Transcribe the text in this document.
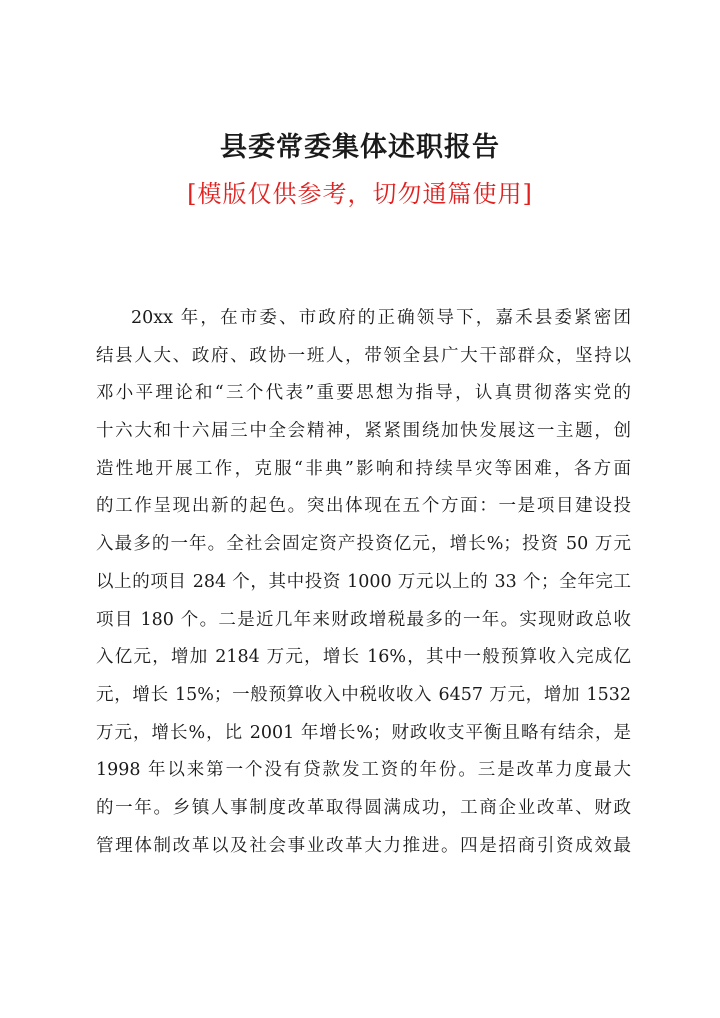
县委常委集体述职报告
[模版仅供参考，切勿通篇使用]
20xx 年，在市委、市政府的正确领导下，嘉禾县委紧密团
结县人大、政府、政协一班人，带领全县广大干部群众，坚持以
邓小平理论和“三个代表”重要思想为指导，认真贯彻落实党的
十六大和十六届三中全会精神，紧紧围绕加快发展这一主题，创
造性地开展工作，克服“非典”影响和持续旱灾等困难，各方面
的工作呈现出新的起色。突出体现在五个方面：一是项目建设投
入最多的一年。全社会固定资产投资亿元，增长%；投资 50 万元
以上的项目 284 个，其中投资 1000 万元以上的 33 个；全年完工
项目 180 个。二是近几年来财政增税最多的一年。实现财政总收
入亿元，增加 2184 万元，增长 16%，其中一般预算收入完成亿
元，增长 15%；一般预算收入中税收收入 6457 万元，增加 1532
万元，增长%，比 2001 年增长%；财政收支平衡且略有结余，是
1998 年以来第一个没有贷款发工资的年份。三是改革力度最大
的一年。乡镇人事制度改革取得圆满成功，工商企业改革、财政
管理体制改革以及社会事业改革大力推进。四是招商引资成效最
